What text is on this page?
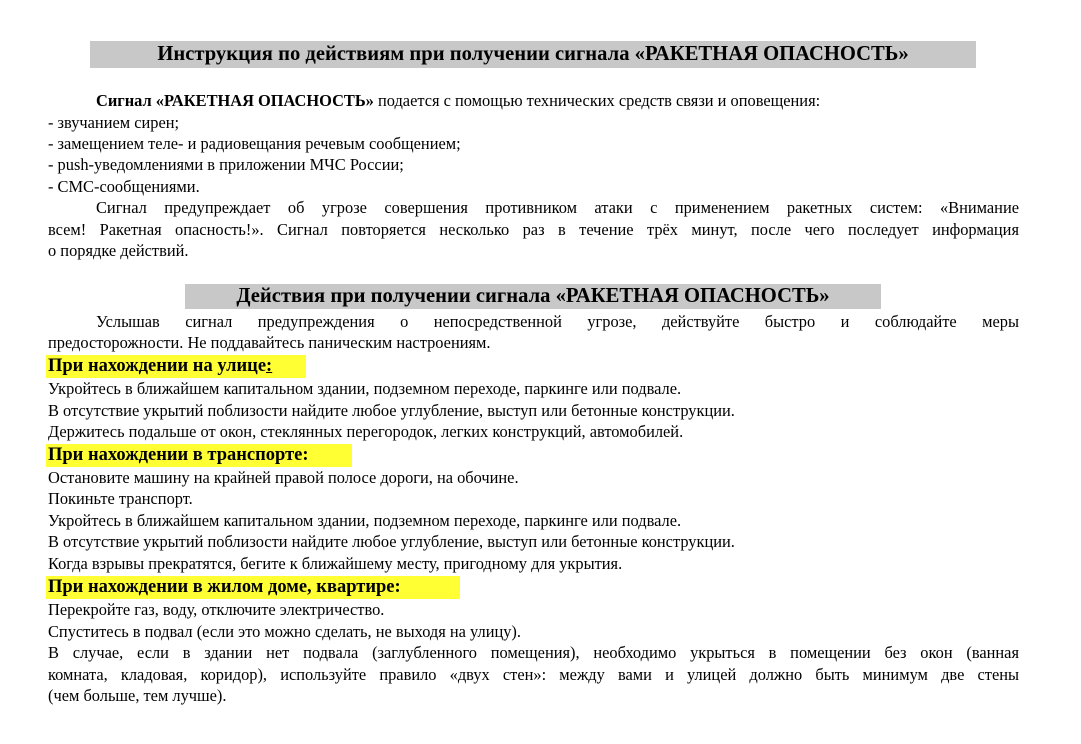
Инструкция по действиям при получении сигнала «РАКЕТНАЯ ОПАСНОСТЬ»
Сигнал «РАКЕТНАЯ ОПАСНОСТЬ» подается с помощью технических средств связи и оповещения:
- звучанием сирен;
- замещением теле- и радиовещания речевым сообщением;
- push-уведомлениями в приложении МЧС России;
- СМС-сообщениями.
Сигнал предупреждает об угрозе совершения противником атаки с применением ракетных систем: «Внимание
всем! Ракетная опасность!». Сигнал повторяется несколько раз в течение трёх минут, после чего последует информация
о порядке действий.
Действия при получении сигнала «РАКЕТНАЯ ОПАСНОСТЬ»
Услышав сигнал предупреждения о непосредственной угрозе, действуйте быстро и соблюдайте меры
предосторожности. Не поддавайтесь паническим настроениям.
При нахождении на улице:
Укройтесь в ближайшем капитальном здании, подземном переходе, паркинге или подвале.
В отсутствие укрытий поблизости найдите любое углубление, выступ или бетонные конструкции.
Держитесь подальше от окон, стеклянных перегородок, легких конструкций, автомобилей.
При нахождении в транспорте:
Остановите машину на крайней правой полосе дороги, на обочине.
Покиньте транспорт.
Укройтесь в ближайшем капитальном здании, подземном переходе, паркинге или подвале.
В отсутствие укрытий поблизости найдите любое углубление, выступ или бетонные конструкции.
Когда взрывы прекратятся, бегите к ближайшему месту, пригодному для укрытия.
При нахождении в жилом доме, квартире:
Перекройте газ, воду, отключите электричество.
Спуститесь в подвал (если это можно сделать, не выходя на улицу).
В случае, если в здании нет подвала (заглубленного помещения), необходимо укрыться в помещении без окон (ванная
комната, кладовая, коридор), используйте правило «двух стен»: между вами и улицей должно быть минимум две стены
(чем больше, тем лучше).
